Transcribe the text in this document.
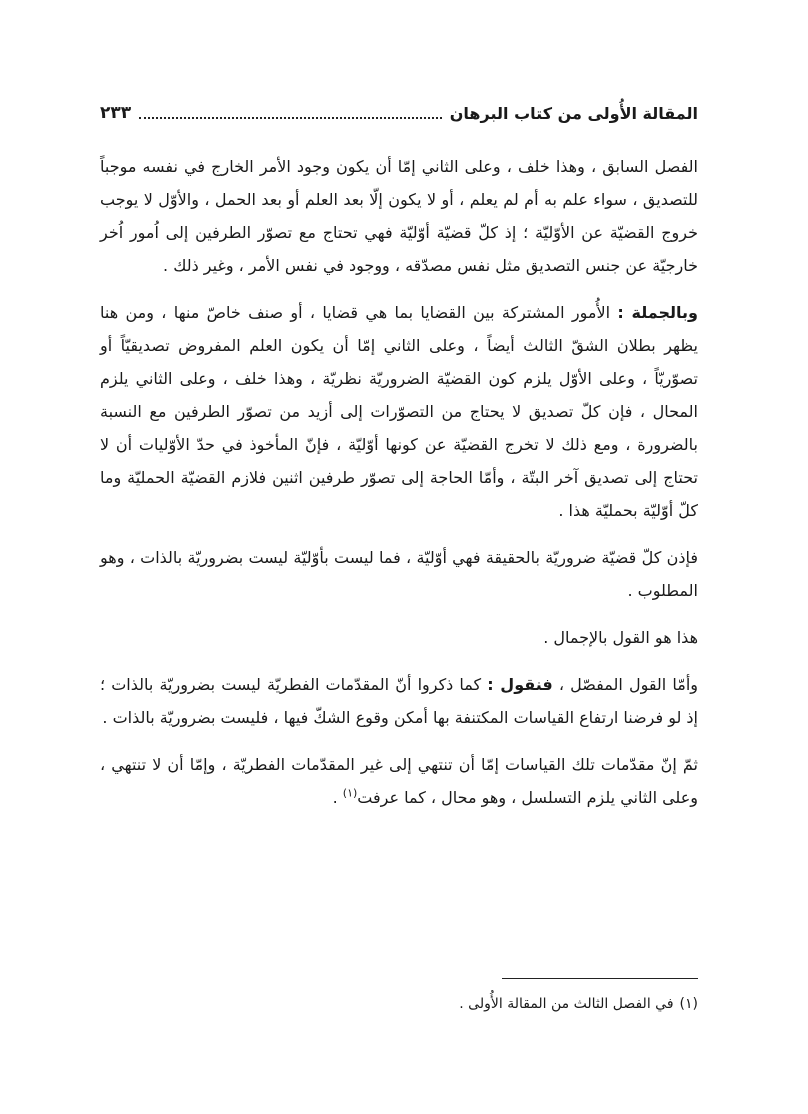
المقالة الأُولى من كتاب البرهان
٢٣٣

الفصل السابق ، وهذا خلف ، وعلى الثاني إمّا أن يكون وجود الأمر الخارج في نفسه موجباً للتصديق ، سواء علم به أم لم يعلم ، أو لا يكون إلّا بعد العلم أو بعد الحمل ، والأوّل لا يوجب خروج القضيّة عن الأوّليّة ؛ إذ كلّ قضيّة أوّليّة فهي تحتاج مع تصوّر الطرفين إلى اُمور اُخر خارجيّة عن جنس التصديق مثل نفس مصدّقه ، ووجود في نفس الأمر ، وغير ذلك .

وبالجملة : الأُمور المشتركة بين القضايا بما هي قضايا ، أو صنف خاصّ منها ، ومن هنا يظهر بطلان الشقّ الثالث أيضاً ، وعلى الثاني إمّا أن يكون العلم المفروض تصديقيّاً أو تصوّريّاً ، وعلى الأوّل يلزم كون القضيّة الضروريّة نظريّة ، وهذا خلف ، وعلى الثاني يلزم المحال ، فإن كلّ تصديق لا يحتاج من التصوّرات إلى أزيد من تصوّر الطرفين مع النسبة بالضرورة ، ومع ذلك لا تخرج القضيّة عن كونها أوّليّة ، فإنّ المأخوذ في حدّ الأوّليات أن لا تحتاج إلى تصديق آخر البتّة ، وأمّا الحاجة إلى تصوّر طرفين اثنين فلازم القضيّة الحمليّة وما كلّ أوّليّة بحمليّة هذا .

فإذن كلّ قضيّة ضروريّة بالحقيقة فهي أوّليّة ، فما ليست بأوّليّة ليست بضروريّة بالذات ، وهو المطلوب .

هذا هو القول بالإجمال .

وأمّا القول المفصّل ، فنقول : كما ذكروا أنّ المقدّمات الفطريّة ليست بضروريّة بالذات ؛ إذ لو فرضنا ارتفاع القياسات المكتنفة بها أمكن وقوع الشكّ فيها ، فليست بضروريّة بالذات .

ثمّ إنّ مقدّمات تلك القياسات إمّا أن تنتهي إلى غير المقدّمات الفطريّة ، وإمّا أن لا تنتهي ، وعلى الثاني يلزم التسلسل ، وهو محال ، كما عرفت$^{(١)}$ .

(١)في الفصل الثالث من المقالة الأُولى .
